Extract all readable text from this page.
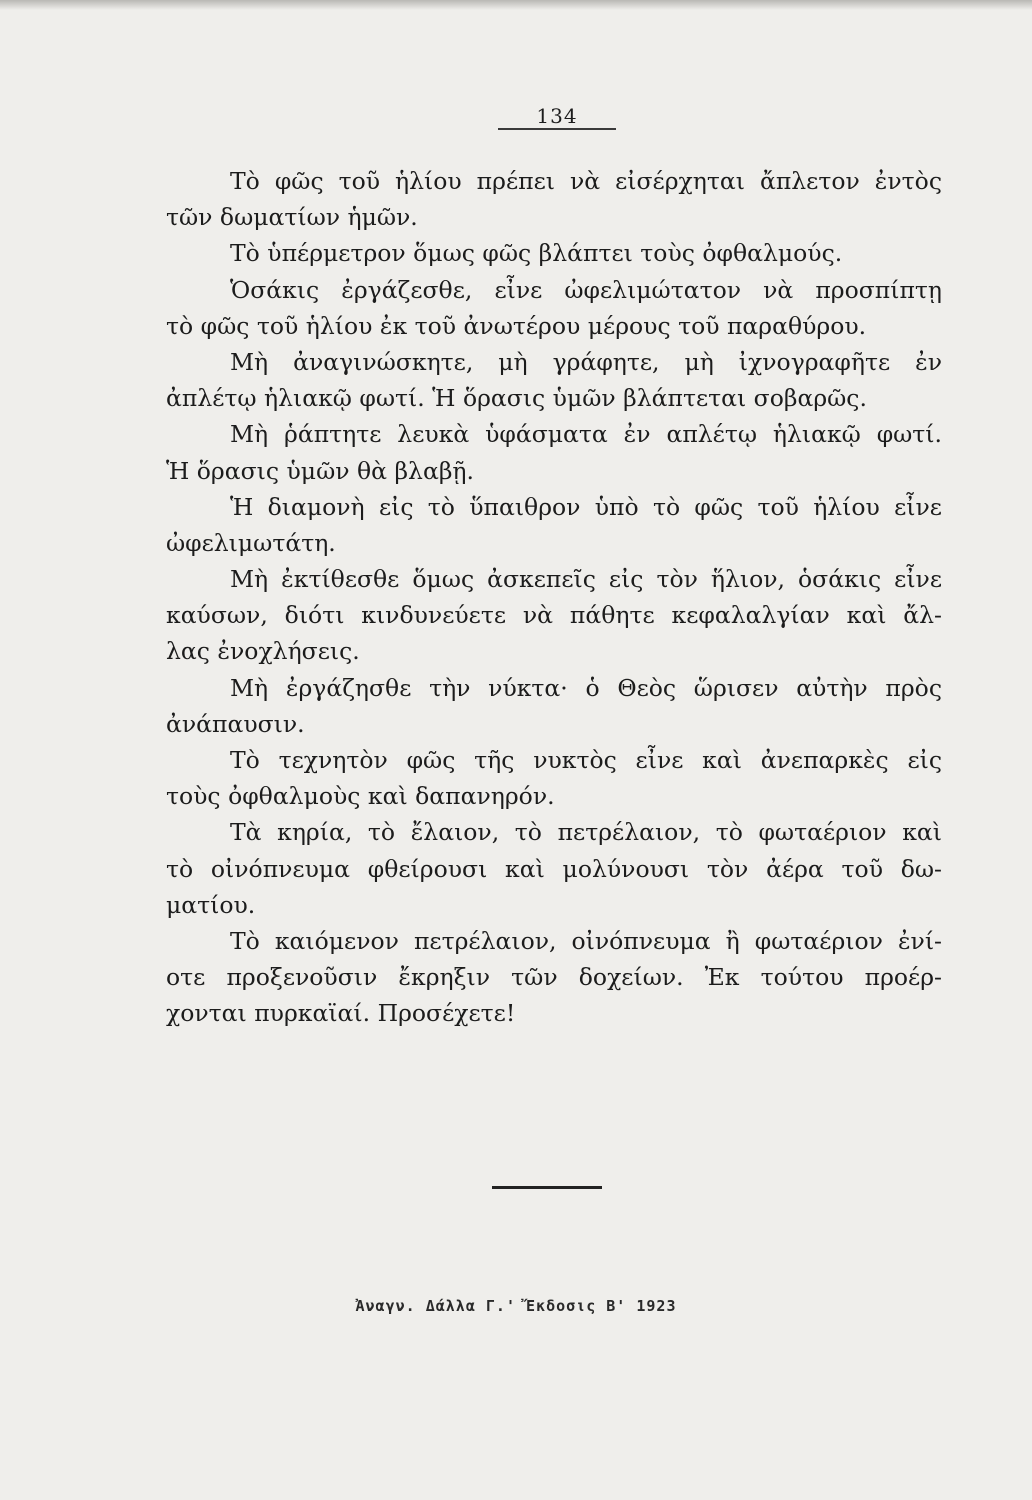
134
Τὸ φῶς τοῦ ἡλίου πρέπει νὰ εἰσέρχηται ἄπλετον ἐντὸς
τῶν δωματίων ἡμῶν.
Τὸ ὑπέρμετρον ὅμως φῶς βλάπτει τοὺς ὀφθαλμούς.
Ὁσάκις ἐργάζεσθε, εἶνε ὠφελιμώτατον νὰ προσπίπτῃ
τὸ φῶς τοῦ ἡλίου ἐκ τοῦ ἀνωτέρου μέρους τοῦ παραθύρου.
Μὴ ἀναγινώσκητε, μὴ γράφητε, μὴ ἰχνογραφῆτε ἐν
ἀπλέτῳ ἡλιακῷ φωτί. Ἡ ὅρασις ὑμῶν βλάπτεται σοβαρῶς.
Μὴ ῥάπτητε λευκὰ ὑφάσματα ἐν απλέτῳ ἡλιακῷ φωτί.
Ἡ ὅρασις ὑμῶν θὰ βλαβῇ.
Ἡ διαμονὴ εἰς τὸ ὕπαιθρον ὑπὸ τὸ φῶς τοῦ ἡλίου εἶνε
ὠφελιμωτάτη.
Μὴ ἐκτίθεσθε ὅμως ἀσκεπεῖς εἰς τὸν ἥλιον, ὁσάκις εἶνε
καύσων, διότι κινδυνεύετε νὰ πάθητε κεφαλαλγίαν καὶ ἄλ-
λας ἐνοχλήσεις.
Μὴ ἐργάζησθε τὴν νύκτα· ὁ Θεὸς ὥρισεν αὐτὴν πρὸς
ἀνάπαυσιν.
Τὸ τεχνητὸν φῶς τῆς νυκτὸς εἶνε καὶ ἀνεπαρκὲς εἰς
τοὺς ὀφθαλμοὺς καὶ δαπανηρόν.
Τὰ κηρία, τὸ ἔλαιον, τὸ πετρέλαιον, τὸ φωταέριον καὶ
τὸ οἰνόπνευμα φθείρουσι καὶ μολύνουσι τὸν ἀέρα τοῦ δω-
ματίου.
Τὸ καιόμενον πετρέλαιον, οἰνόπνευμα ἢ φωταέριον ἐνί-
οτε προξενοῦσιν ἔκρηξιν τῶν δοχείων. Ἐκ τούτου προέρ-
χονται πυρκαϊαί. Προσέχετε!
Ἀναγν. Δάλλα Γ.' Ἔκδοσις Β' 1923
